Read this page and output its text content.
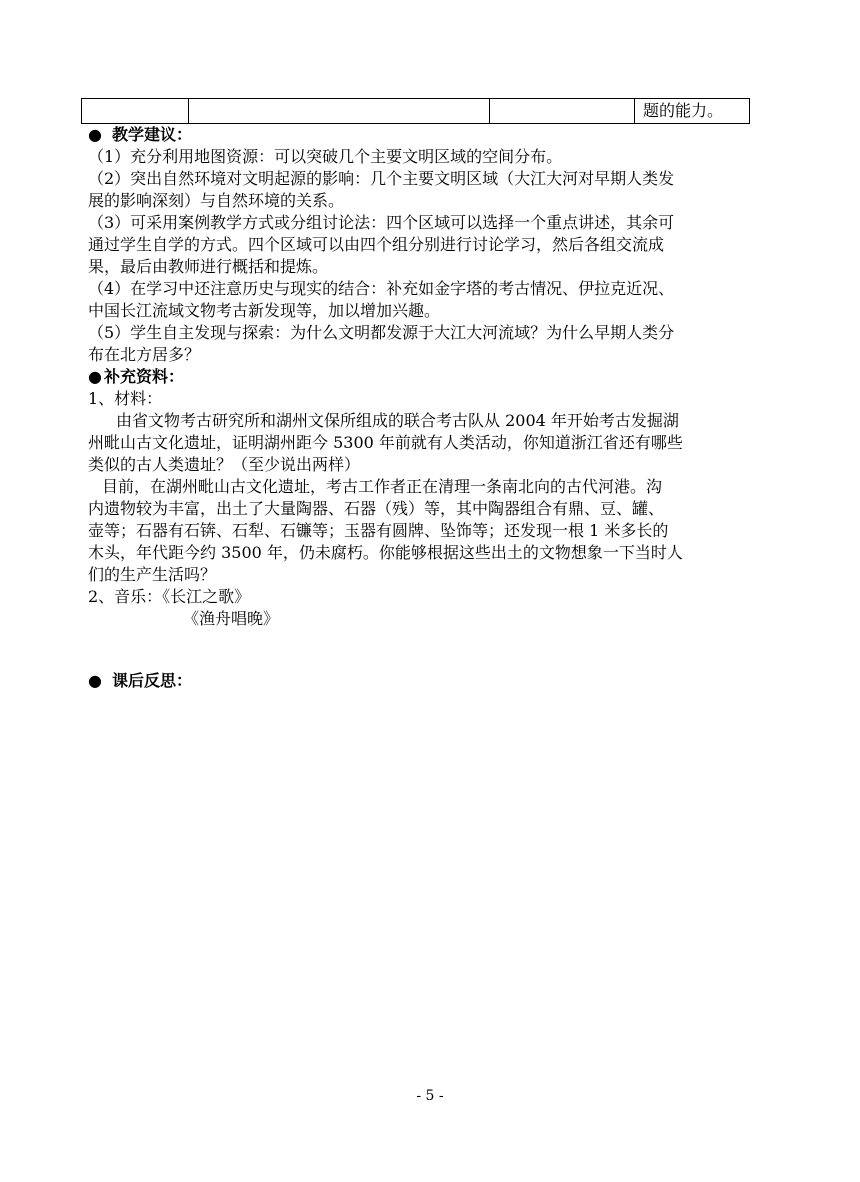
			题的能力。
● 教学建议：
（1）充分利用地图资源：可以突破几个主要文明区域的空间分布。
（2）突出自然环境对文明起源的影响：几个主要文明区域（大江大河对早期人类发
展的影响深刻）与自然环境的关系。
（3）可采用案例教学方式或分组讨论法：四个区域可以选择一个重点讲述，其余可
通过学生自学的方式。四个区域可以由四个组分别进行讨论学习，然后各组交流成
果，最后由教师进行概括和提炼。
（4）在学习中还注意历史与现实的结合：补充如金字塔的考古情况、伊拉克近况、
中国长江流域文物考古新发现等，加以增加兴趣。
（5）学生自主发现与探索：为什么文明都发源于大江大河流域？为什么早期人类分
布在北方居多？
● 补充资料：
1、材料：
由省文物考古研究所和湖州文保所组成的联合考古队从 2004 年开始考古发掘湖
州毗山古文化遗址，证明湖州距今 5300 年前就有人类活动，你知道浙江省还有哪些
类似的古人类遗址？（至少说出两样）
目前，在湖州毗山古文化遗址，考古工作者正在清理一条南北向的古代河港。沟
内遗物较为丰富，出土了大量陶器、石器（残）等，其中陶器组合有鼎、豆、罐、
壶等；石器有石锛、石犁、石镰等；玉器有圆牌、坠饰等；还发现一根 1 米多长的
木头，年代距今约 3500 年，仍未腐朽。你能够根据这些出土的文物想象一下当时人
们的生产生活吗？
2、音乐：《长江之歌》
《渔舟唱晚》
● 课后反思：
- 5 -
